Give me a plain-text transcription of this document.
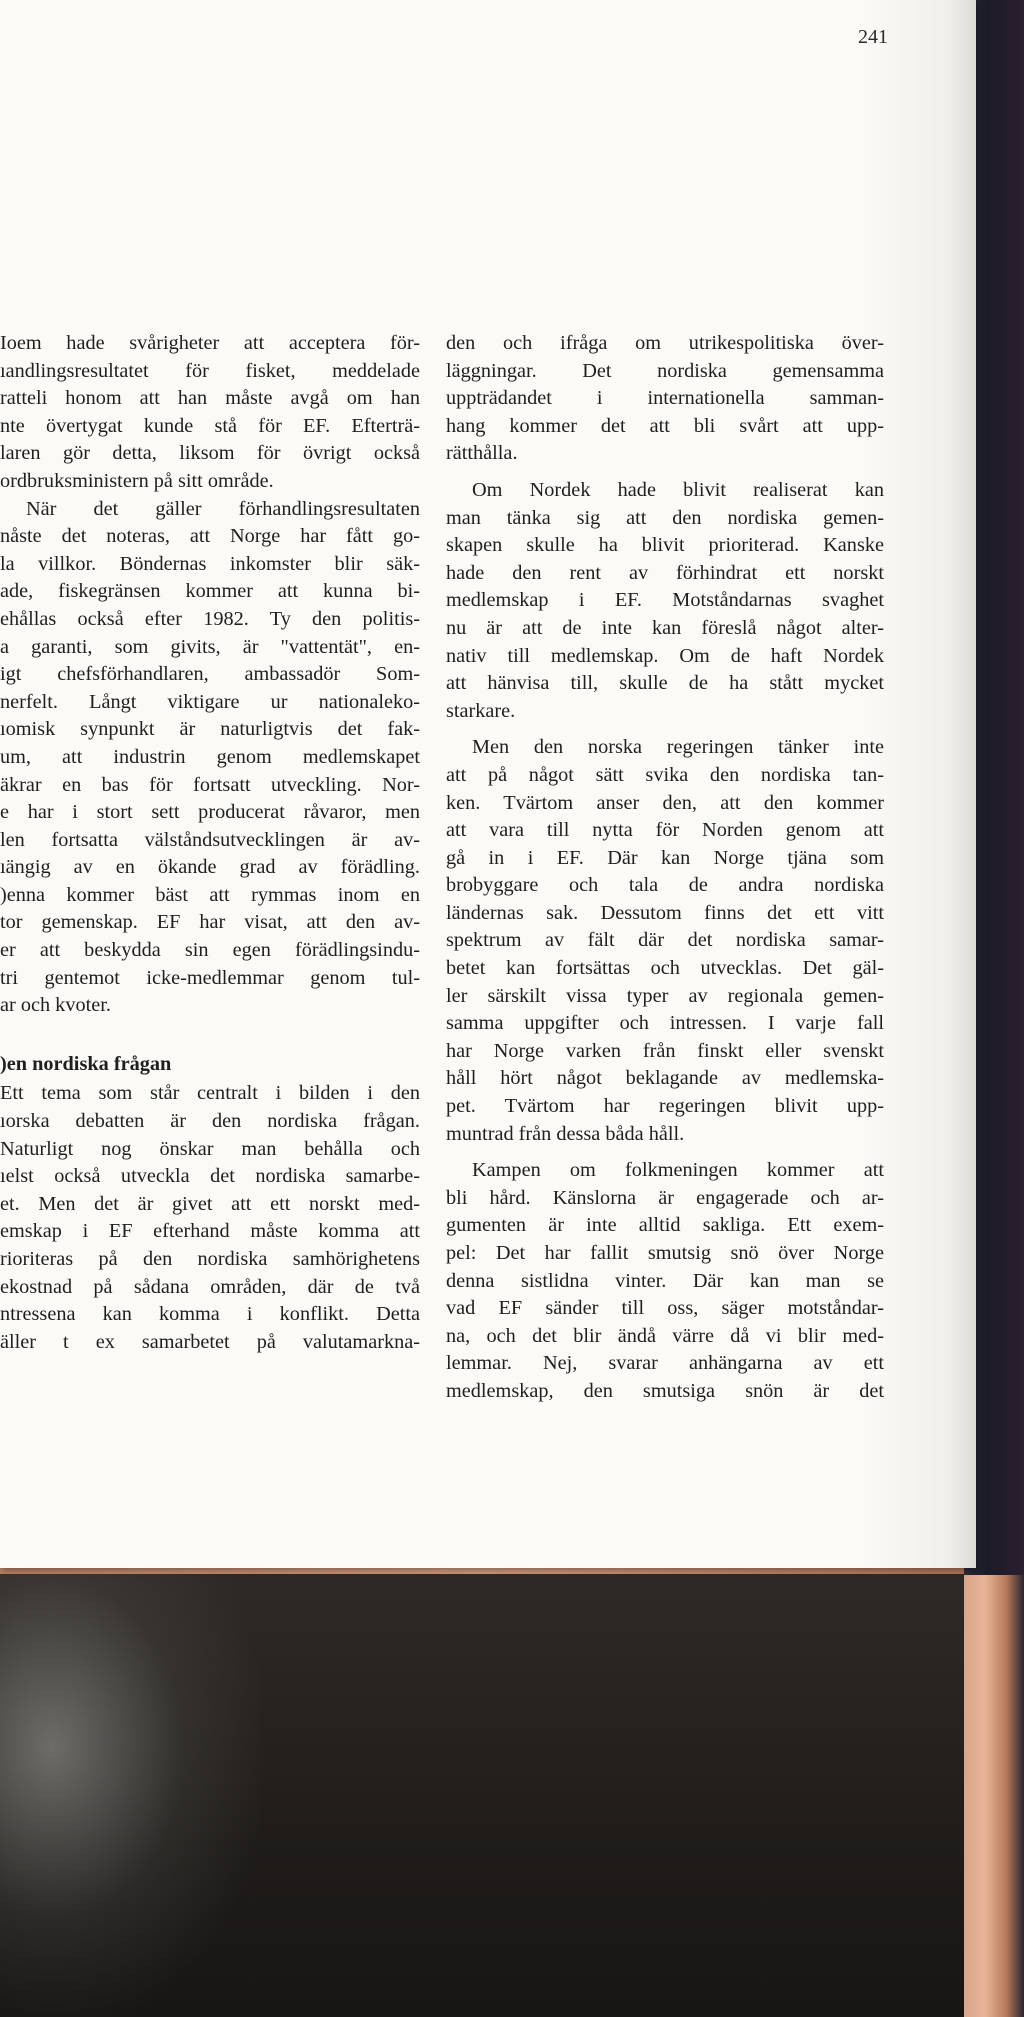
241
Ioem hade svårigheter att acceptera för-
ıandlingsresultatet för fisket, meddelade
ratteli honom att han måste avgå om han
nte övertygat kunde stå för EF. Efterträ-
laren gör detta, liksom för övrigt också
ordbruksministern på sitt område.
När det gäller förhandlingsresultaten
nåste det noteras, att Norge har fått go-
la villkor. Böndernas inkomster blir säk-
ade, fiskegränsen kommer att kunna bi-
ehållas också efter 1982. Ty den politis-
a garanti, som givits, är "vattentät", en-
igt chefsförhandlaren, ambassadör Som-
nerfelt. Långt viktigare ur nationaleko-
ıomisk synpunkt är naturligtvis det fak-
um, att industrin genom medlemskapet
äkrar en bas för fortsatt utveckling. Nor-
e har i stort sett producerat råvaror, men
len fortsatta välståndsutvecklingen är av-
ıängig av en ökande grad av förädling.
)enna kommer bäst att rymmas inom en
tor gemenskap. EF har visat, att den av-
er att beskydda sin egen förädlingsindu-
tri gentemot icke-medlemmar genom tul-
ar och kvoter.
)en nordiska frågan
Ett tema som står centralt i bilden i den
ıorska debatten är den nordiska frågan.
Naturligt nog önskar man behålla och
ıelst också utveckla det nordiska samarbe-
et. Men det är givet att ett norskt med-
emskap i EF efterhand måste komma att
rioriteras på den nordiska samhörighetens
ekostnad på sådana områden, där de två
ntressena kan komma i konflikt. Detta
äller t ex samarbetet på valutamarkna-
den och ifråga om utrikespolitiska över-
läggningar. Det nordiska gemensamma
uppträdandet i internationella samman-
hang kommer det att bli svårt att upp-
rätthålla.
Om Nordek hade blivit realiserat kan
man tänka sig att den nordiska gemen-
skapen skulle ha blivit prioriterad. Kanske
hade den rent av förhindrat ett norskt
medlemskap i EF. Motståndarnas svaghet
nu är att de inte kan föreslå något alter-
nativ till medlemskap. Om de haft Nordek
att hänvisa till, skulle de ha stått mycket
starkare.
Men den norska regeringen tänker inte
att på något sätt svika den nordiska tan-
ken. Tvärtom anser den, att den kommer
att vara till nytta för Norden genom att
gå in i EF. Där kan Norge tjäna som
brobyggare och tala de andra nordiska
ländernas sak. Dessutom finns det ett vitt
spektrum av fält där det nordiska samar-
betet kan fortsättas och utvecklas. Det gäl-
ler särskilt vissa typer av regionala gemen-
samma uppgifter och intressen. I varje fall
har Norge varken från finskt eller svenskt
håll hört något beklagande av medlemska-
pet. Tvärtom har regeringen blivit upp-
muntrad från dessa båda håll.
Kampen om folkmeningen kommer att
bli hård. Känslorna är engagerade och ar-
gumenten är inte alltid sakliga. Ett exem-
pel: Det har fallit smutsig snö över Norge
denna sistlidna vinter. Där kan man se
vad EF sänder till oss, säger motståndar-
na, och det blir ändå värre då vi blir med-
lemmar. Nej, svarar anhängarna av ett
medlemskap, den smutsiga snön är det
